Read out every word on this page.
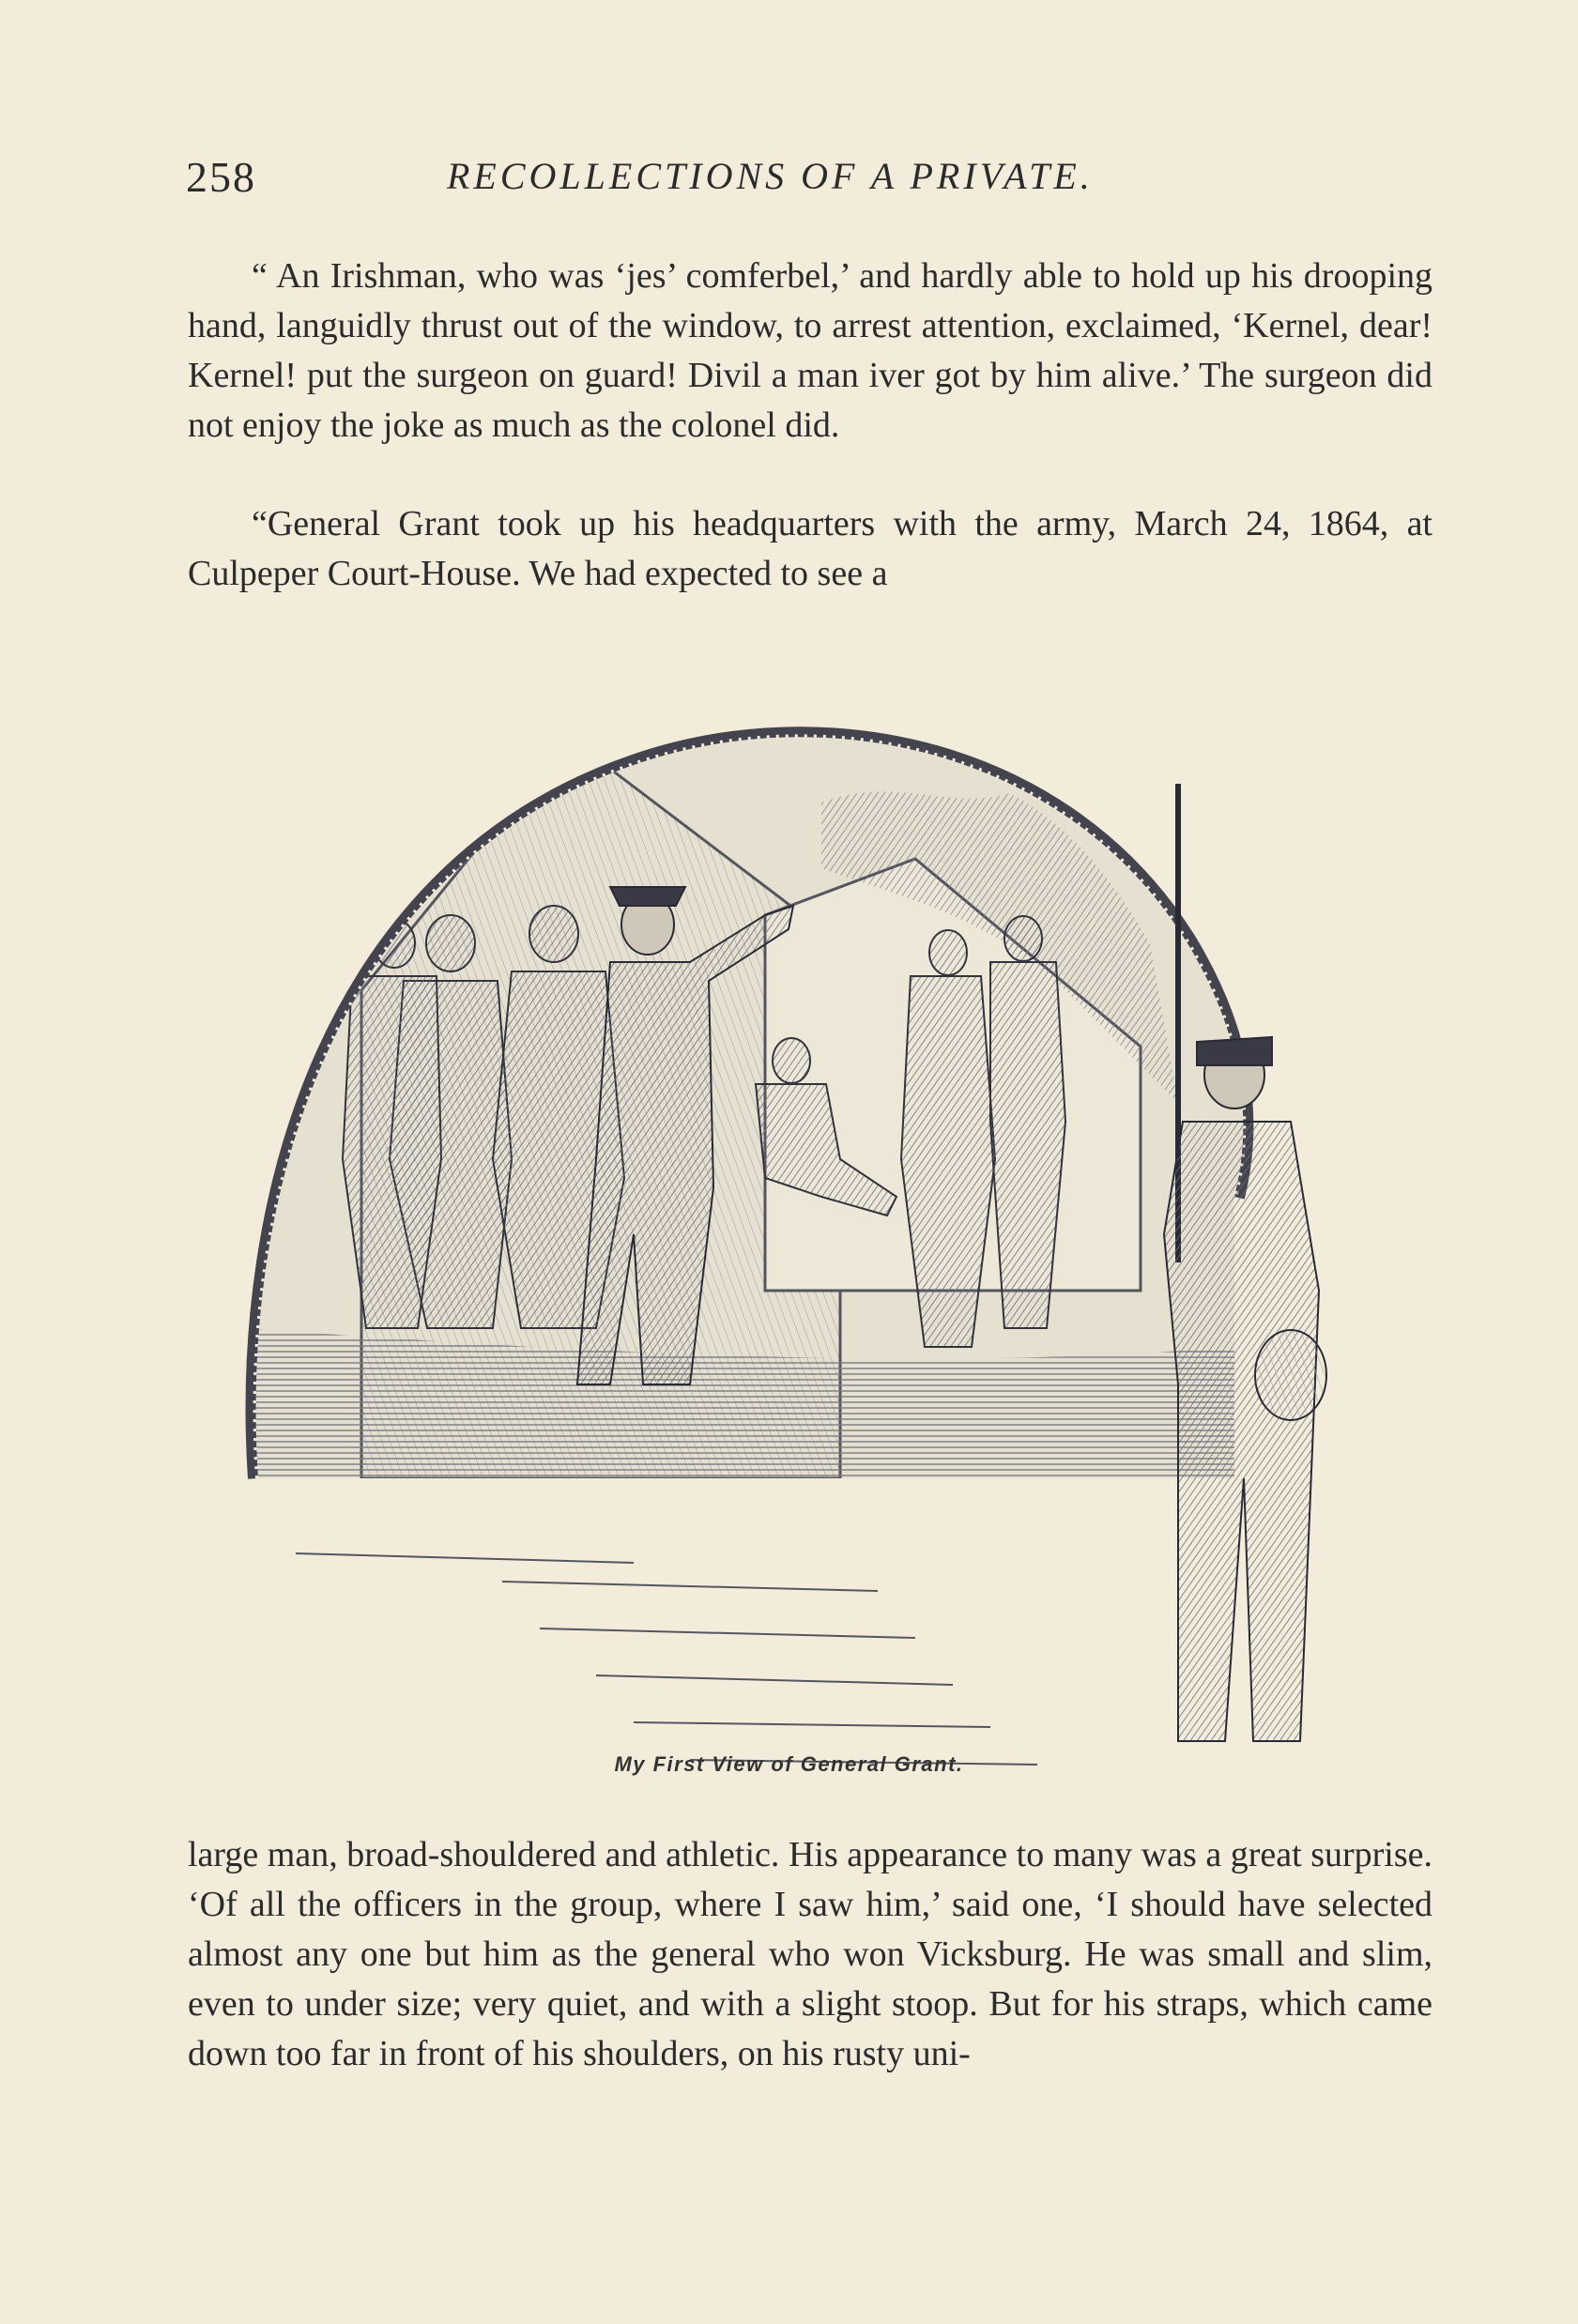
258	RECOLLECTIONS OF A PRIVATE.

“ An Irishman, who was ‘jes’ comferbel,’ and hardly able to hold up his drooping hand, languidly thrust out of the window, to arrest attention, exclaimed, ‘Kernel, dear! Kernel! put the surgeon on guard! Divil a man iver got by him alive.’ The surgeon did not enjoy the joke as much as the colonel did.

“General Grant took up his headquarters with the army, March 24, 1864, at Culpeper Court-House. We had expected to see a

My First View of General Grant.

large man, broad-shouldered and athletic. His appearance to many was a great surprise. ‘Of all the officers in the group, where I saw him,’ said one, ‘I should have selected almost any one but him as the general who won Vicksburg. He was small and slim, even to under size; very quiet, and with a slight stoop. But for his straps, which came down too far in front of his shoulders, on his rusty uni-
